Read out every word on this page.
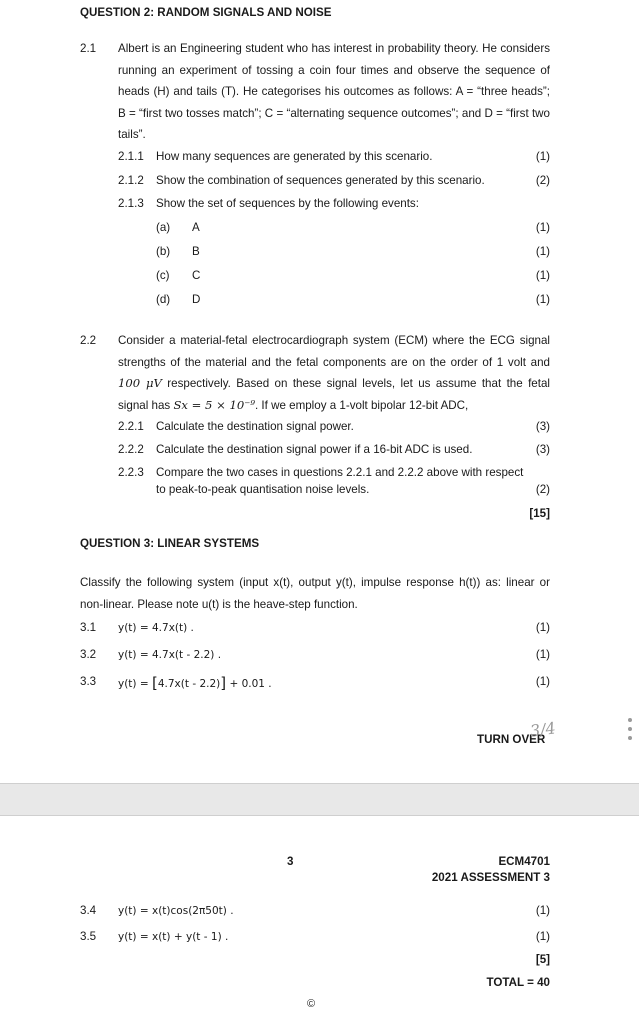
QUESTION 2: RANDOM SIGNALS AND NOISE
2.1 Albert is an Engineering student who has interest in probability theory. He considers running an experiment of tossing a coin four times and observe the sequence of heads (H) and tails (T). He categorises his outcomes as follows: A = “three heads”; B = “first two tosses match”; C = “alternating sequence outcomes”; and D = “first two tails”.
2.1.1 How many sequences are generated by this scenario.	(1)
2.1.2 Show the combination of sequences generated by this scenario.	(2)
2.1.3 Show the set of sequences by the following events:
(a) A	(1)
(b) B	(1)
(c) C	(1)
(d) D	(1)
2.2 Consider a material-fetal electrocardiograph system (ECM) where the ECG signal strengths of the material and the fetal components are on the order of 1 volt and 100 μV respectively. Based on these signal levels, let us assume that the fetal signal has Sx = 5 × 10⁻⁹. If we employ a 1-volt bipolar 12-bit ADC,
2.2.1 Calculate the destination signal power.	(3)
2.2.2 Calculate the destination signal power if a 16-bit ADC is used.	(3)
2.2.3 Compare the two cases in questions 2.2.1 and 2.2.2 above with respect
to peak-to-peak quantisation noise levels.	(2)
[15]
QUESTION 3: LINEAR SYSTEMS
Classify the following system (input x(t), output y(t), impulse response h(t)) as: linear or non-linear. Please note u(t) is the heave-step function.
3.1 y(t) = 4.7x(t) .	(1)
3.2 y(t) = 4.7x(t - 2.2) .	(1)
3.3 y(t) = [4.7x(t - 2.2)] + 0.01 .	(1)
TURN OVER
3/4
3	ECM4701
2021 ASSESSMENT 3
3.4 y(t) = x(t)cos(2π50t) .	(1)
3.5 y(t) = x(t) + y(t - 1) .	(1)
[5]
TOTAL = 40
©
